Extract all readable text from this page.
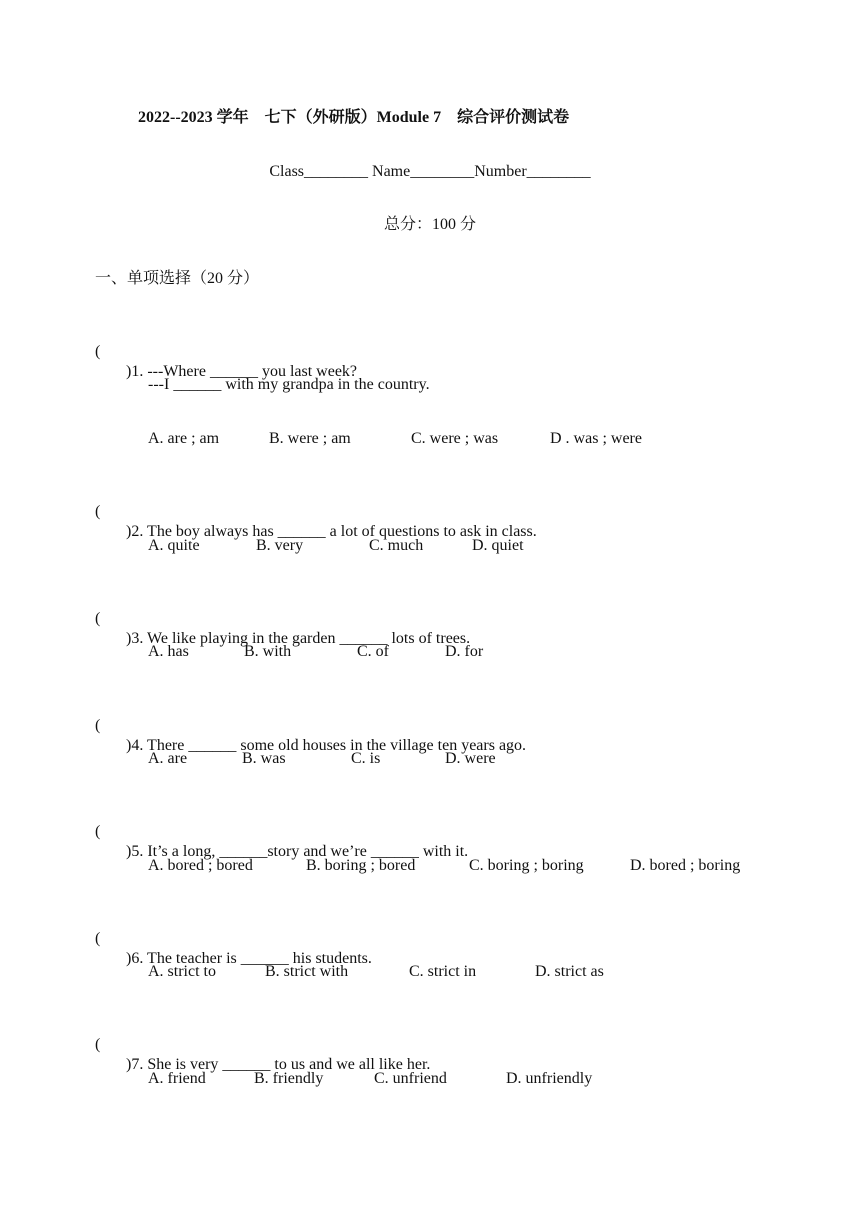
2022--2023 学年　七下（外研版）Module 7　综合评价测试卷
Class________ Name________Number________
总分：100 分
一、单项选择（20 分）

(

)1. ---Where ______ you last week?

---I ______ with my grandpa in the country.

A. are ; am

	B. were ; am

	C. were ; was

	D . was ; were

(

)2. The boy always has ______ a lot of questions to ask in class.

A. quite

	B. very

	C. much

	D. quiet

(

)3. We like playing in the garden ______ lots of trees.

A. has

	B. with

	C. of

	D. for

(

)4. There ______ some old houses in the village ten years ago.

A. are

	B. was

	C. is

	D. were

(

)5. It’s a long, ______story and we’re ______ with it.

A. bored ; bored

	B. boring ; bored

	C. boring ; boring

	D. bored ; boring

(

)6. The teacher is ______ his students.

A. strict to

	B. strict with

	C. strict in

	D. strict as

(

)7. She is very ______ to us and we all like her.

A. friend

	B. friendly

	C. unfriend

	D. unfriendly
